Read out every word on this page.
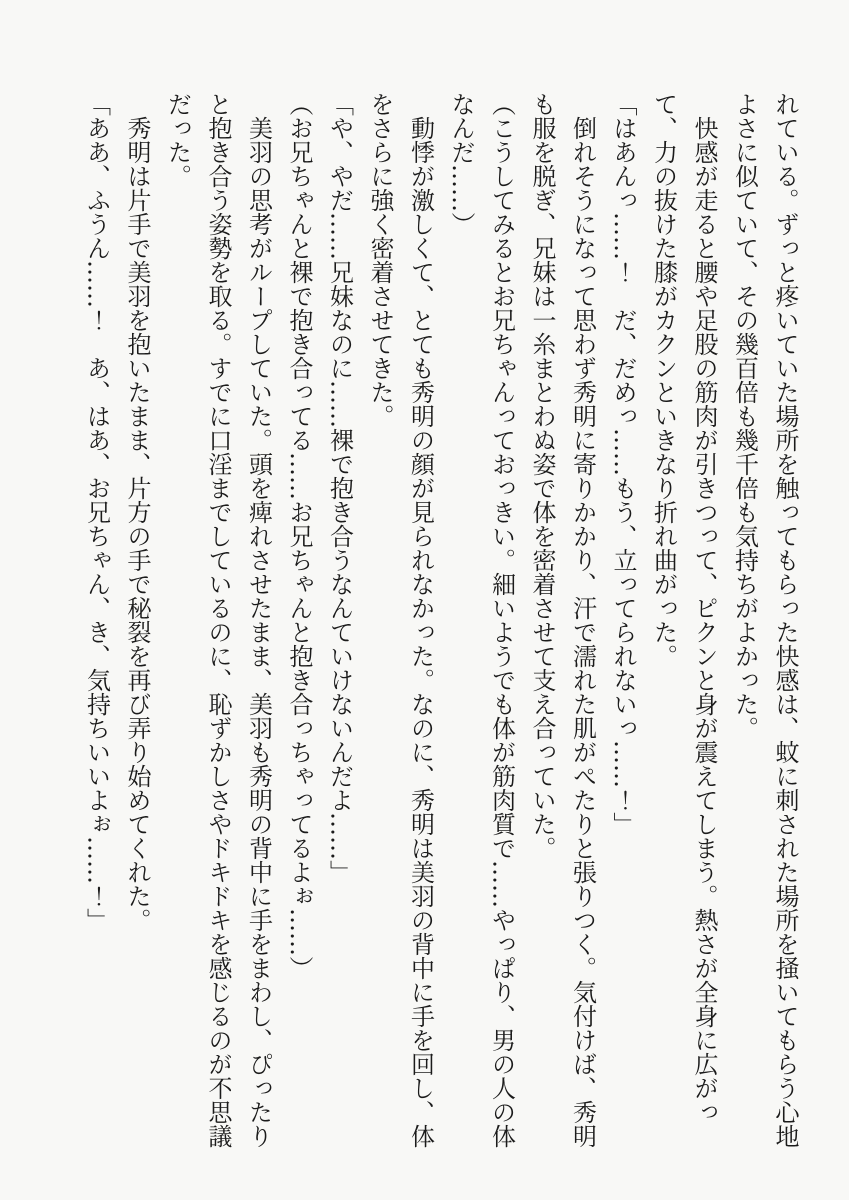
れている。ずっと疼いていた場所を触ってもらった快感は、蚊に刺された場所を掻いてもらう心地よさに似ていて、その幾百倍も幾千倍も気持ちがよかった。

快感が走ると腰や足股の筋肉が引きつって、ピクンと身が震えてしまう。熱さが全身に広がって、力の抜けた膝がカクンといきなり折れ曲がった。

「はあんっ……！　だ、だめっ……もう、立ってられないっ……！」

倒れそうになって思わず秀明に寄りかかり、汗で濡れた肌がぺたりと張りつく。気付けば、秀明も服を脱ぎ、兄妹は一糸まとわぬ姿で体を密着させて支え合っていた。

（こうしてみるとお兄ちゃんっておっきい。細いようでも体が筋肉質で……やっぱり、男の人の体なんだ……）

動悸が激しくて、とても秀明の顔が見られなかった。なのに、秀明は美羽の背中に手を回し、体をさらに強く密着させてきた。

「や、やだ……兄妹なのに……裸で抱き合うなんていけないんだよ……」

（お兄ちゃんと裸で抱き合ってる……お兄ちゃんと抱き合っちゃってるよぉ……）

美羽の思考がループしていた。頭を痺れさせたまま、美羽も秀明の背中に手をまわし、ぴったりと抱き合う姿勢を取る。すでに口淫までしているのに、恥ずかしさやドキドキを感じるのが不思議だった。

秀明は片手で美羽を抱いたまま、片方の手で秘裂を再び弄り始めてくれた。

「ああ、ふうん……！　あ、はあ、お兄ちゃん、き、気持ちいいよぉ……！」
